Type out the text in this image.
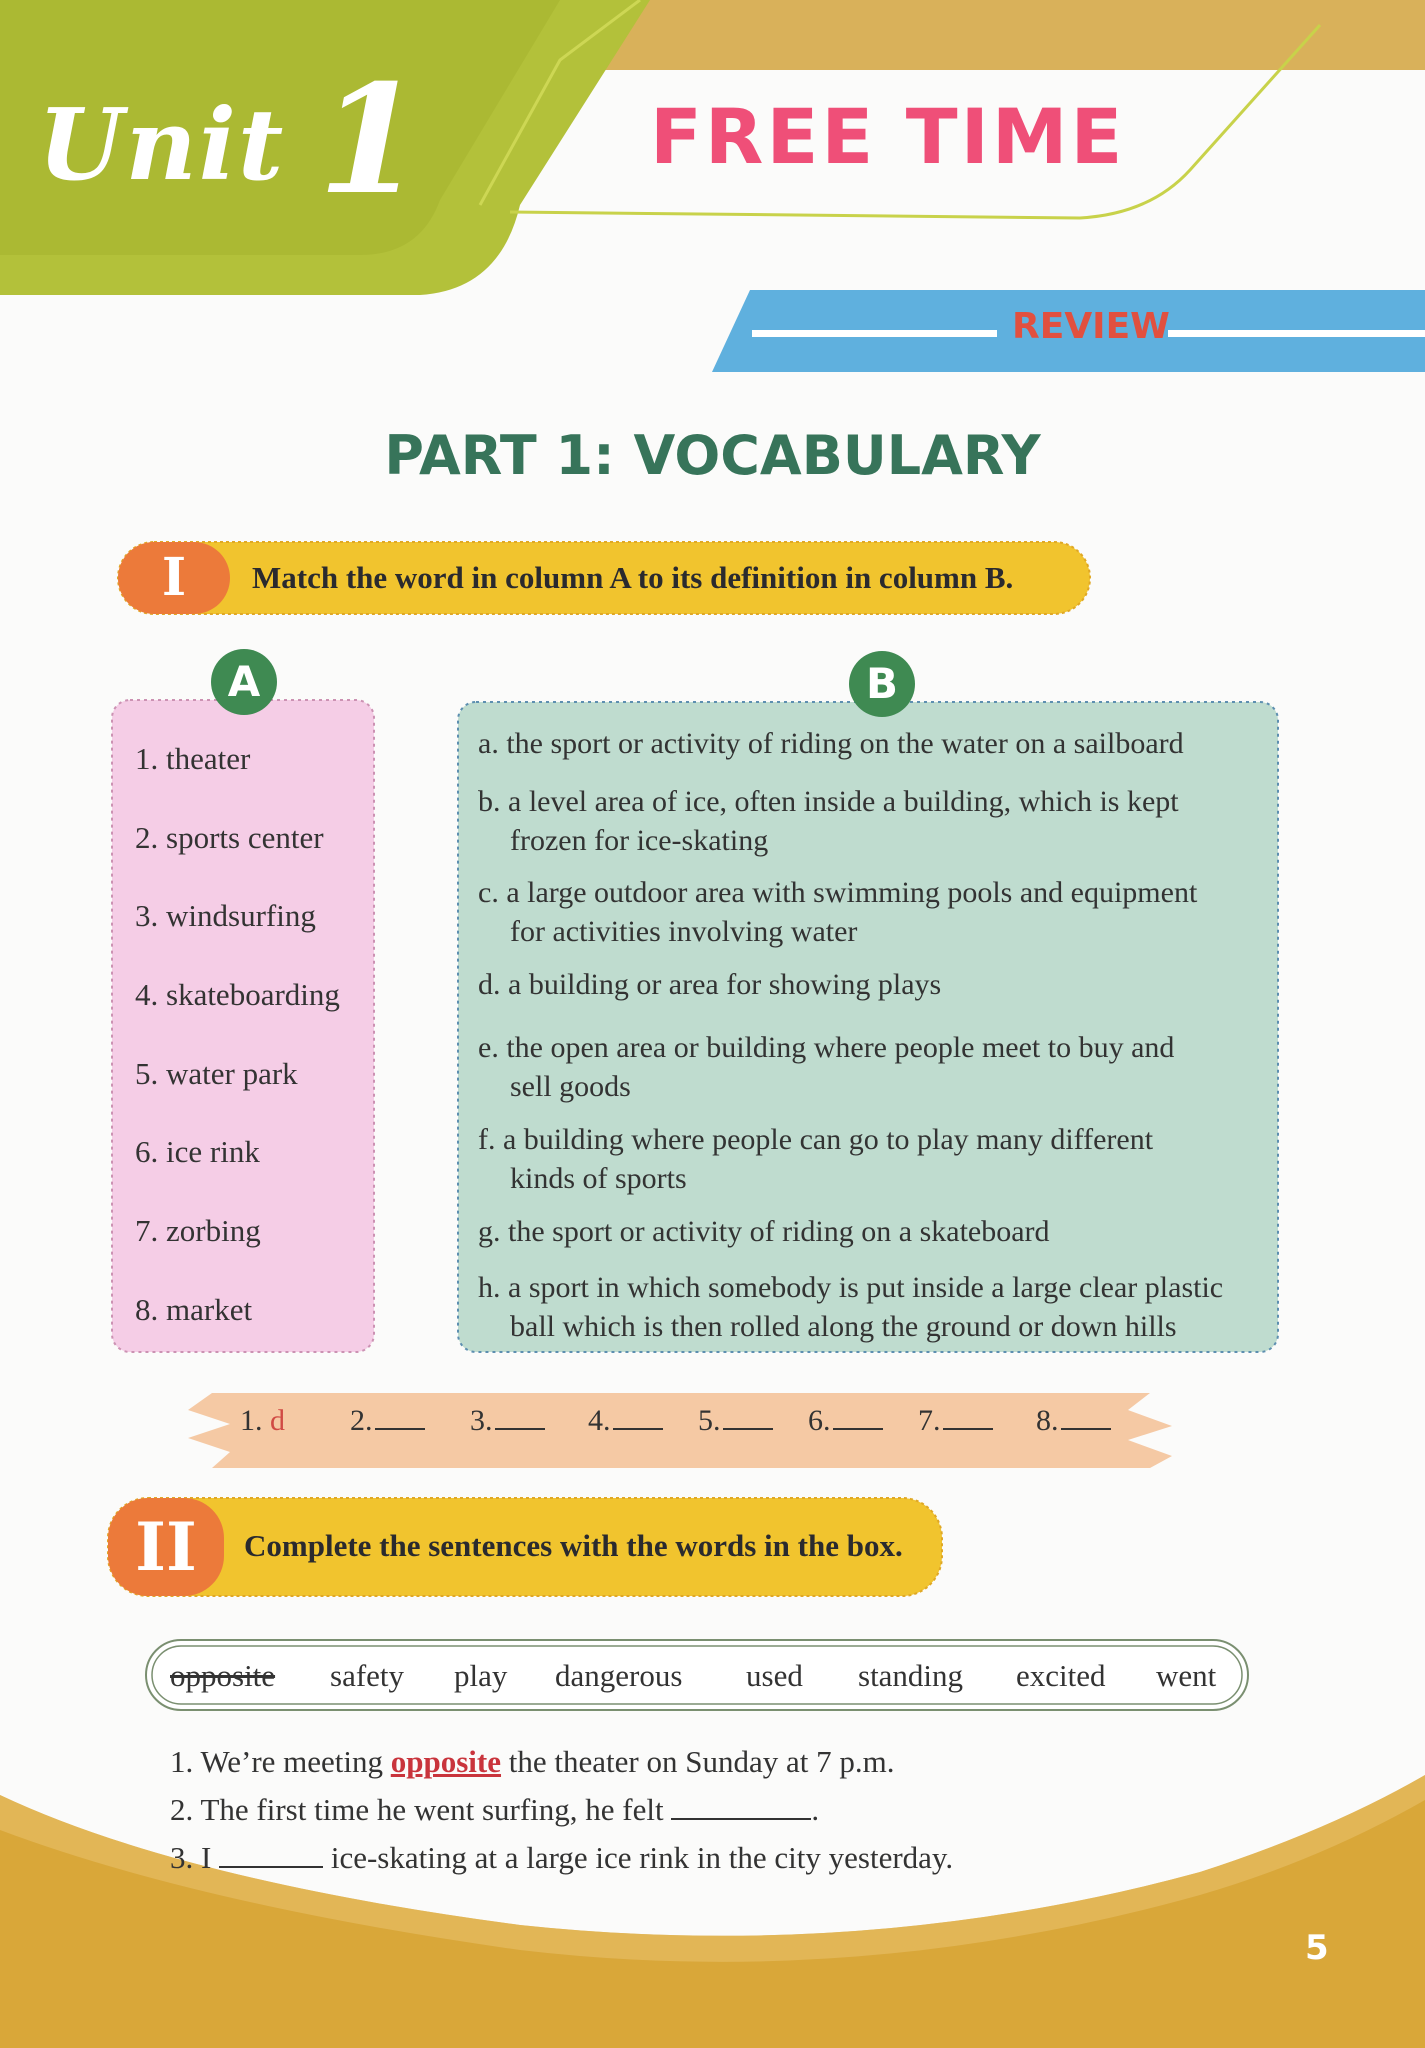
Unit 1	FREE TIME
REVIEW
PART 1: VOCABULARY
I	Match the word in column A to its definition in column B.
A	B
1. theater
2. sports center
3. windsurfing
4. skateboarding
5. water park
6. ice rink
7. zorbing
8. market
a. the sport or activity of riding on the water on a sailboard
b. a level area of ice, often inside a building, which is kept
frozen for ice-skating
c. a large outdoor area with swimming pools and equipment
for activities involving water
d. a building or area for showing plays
e. the open area or building where people meet to buy and
sell goods
f. a building where people can go to play many different
kinds of sports
g. the sport or activity of riding on a skateboard
h. a sport in which somebody is put inside a large clear plastic
ball which is then rolled along the ground or down hills
1. d 2.	3.	4.	5.	6.	7.	8.
II	Complete the sentences with the words in the box.
opposite safety play dangerous used standing excited went
1. We’re meeting opposite the theater on Sunday at 7 p.m.
2. The first time he went surfing, he felt	.
3. I	ice-skating at a large ice rink in the city yesterday.
5
